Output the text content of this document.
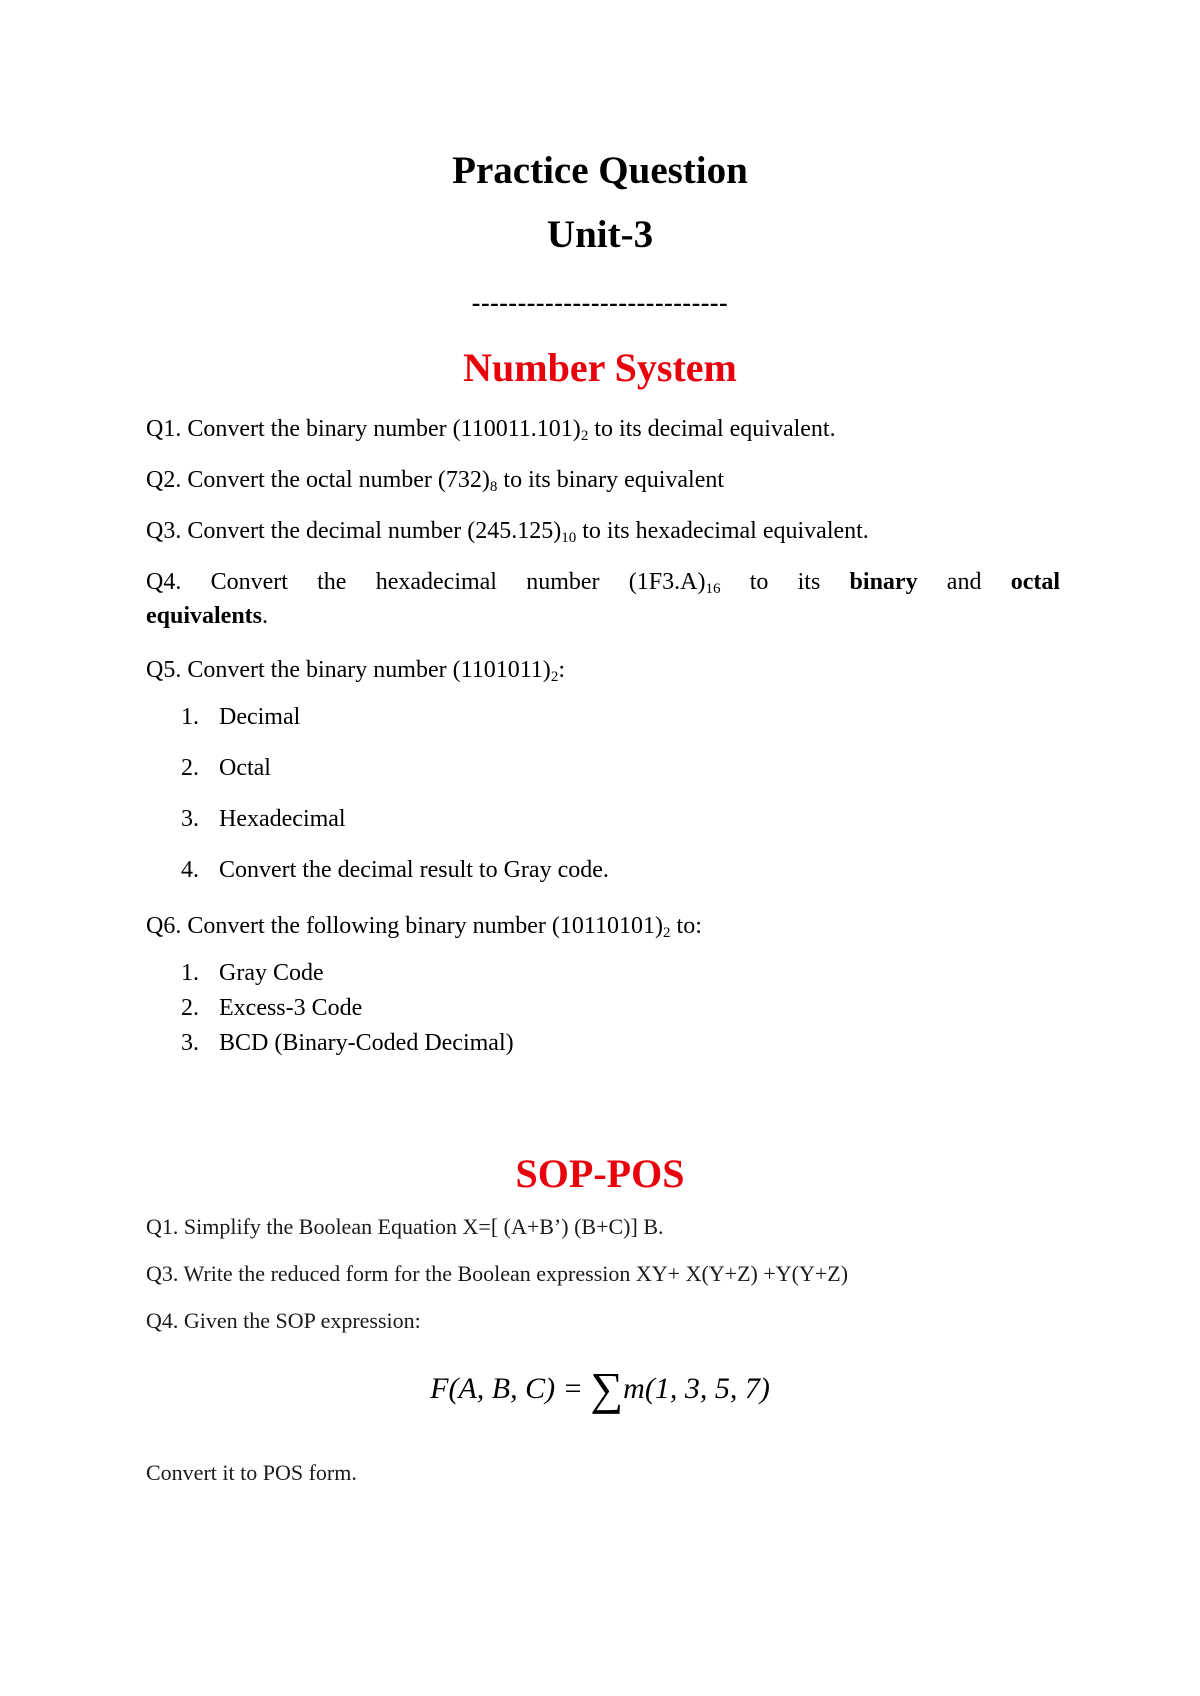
Practice Question
Unit-3
----------------------------
Number System
Q1. Convert the binary number $(110011.101)_2$ to its decimal equivalent.
Q2. Convert the octal number $(732)_8$ to its binary equivalent
Q3. Convert the decimal number $(245.125)_{10}$ to its hexadecimal equivalent.
Q4. Convert the hexadecimal number $(1F3.A)_{16}$ to its binary and octal
equivalents.
Q5. Convert the binary number $(1101011)_2$:
1. Decimal
2. Octal
3. Hexadecimal
4. Convert the decimal result to Gray code.
Q6. Convert the following binary number $(10110101)_2$ to:
1. Gray Code
2. Excess-3 Code
3. BCD (Binary-Coded Decimal)
SOP-POS
Q1. Simplify the Boolean Equation X=[ (A+B’) (B+C)] B.
Q3. Write the reduced form for the Boolean expression XY+ X(Y+Z) +Y(Y+Z)
Q4. Given the SOP expression:
F(A, B, C) = ∑m(1, 3, 5, 7)
Convert it to POS form.
